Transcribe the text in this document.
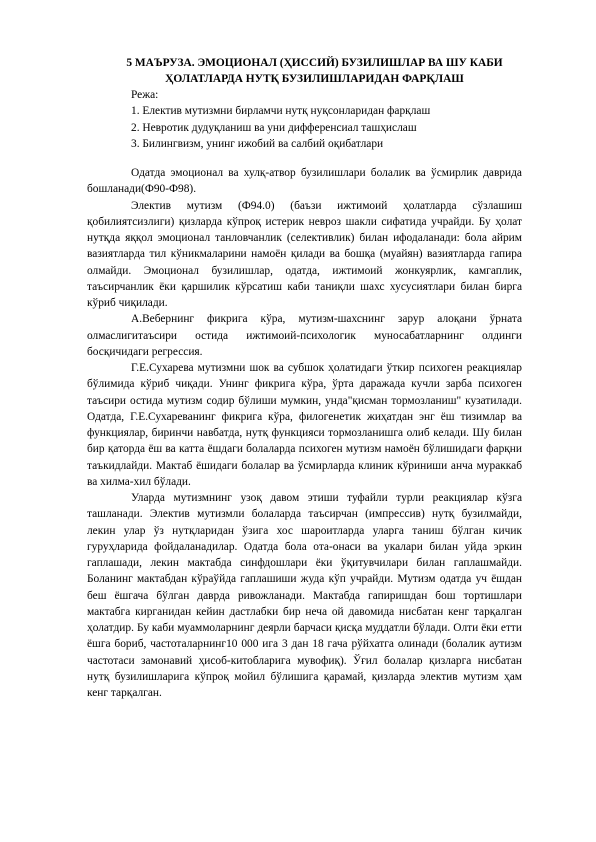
5 МАЪРУЗА. ЭМОЦИОНАЛ (ҲИССИЙ) БУЗИЛИШЛАР ВА ШУ КАБИ ҲОЛАТЛАРДА НУТҚ БУЗИЛИШЛАРИДАН ФАРҚЛАШ

Режа:
1. Електив мутизмни бирламчи нутқ нуқсонларидан фарқлаш
2. Невротик дудуқланиш ва уни дифференсиал ташҳислаш
3. Билингвизм, унинг ижобий ва салбий оқибатлари

Одатда эмоционал ва хулқ-атвор бузилишлари болалик ва ўсмирлик даврида бошланади(Ф90-Ф98).

Электив мутизм (Ф94.0) (баъзи ижтимоий ҳолатларда сўзлашиш қобилиятсизлиги) қизларда кўпроқ истерик невроз шакли сифатида учрайди. Бу ҳолат нутқда яққол эмоционал танловчанлик (селективлик) билан ифодаланади: бола айрим вазиятларда тил кўникмаларини намоён қилади ва бошқа (муайян) вазиятларда гапира олмайди. Эмоционал бузилишлар, одатда, ижтимоий жонкуярлик, камгаплик, таъсирчанлик ёки қаршилик кўрсатиш каби таниқли шахс хусусиятлари билан бирга кўриб чиқилади.

А.Вебернинг фикрига кўра, мутизм-шахснинг зарур алоқани ўрната олмаслигитаъсири остида ижтимоий-психологик муносабатларнинг олдинги босқичидаги регрессия.

Г.Е.Сухарева мутизмни шок ва субшок ҳолатидаги ўткир психоген реакциялар бўлимида кўриб чиқади. Унинг фикрига кўра, ўрта даражада кучли зарба психоген таъсири остида мутизм содир бўлиши мумкин, унда"қисман тормозланиш" кузатилади. Одатда, Г.Е.Сухареванинг фикрига кўра, филогенетик жиҳатдан энг ёш тизимлар ва функциялар, биринчи навбатда, нутқ функцияси тормозланишга олиб келади. Шу билан бир қаторда ёш ва катта ёшдаги болаларда психоген мутизм намоён бўлишидаги фарқни таъкидлайди. Мактаб ёшидаги болалар ва ўсмирларда клиник кўриниши анча мураккаб ва хилма-хил бўлади.

Уларда мутизмнинг узоқ давом этиши туфайли турли реакциялар кўзга ташланади. Электив мутизмли болаларда таъсирчан (импрессив) нутқ бузилмайди, лекин улар ўз нутқларидан ўзига хос шароитларда уларга таниш бўлган кичик гуруҳларида фойдаланадилар. Одатда бола ота-онаси ва укалари билан уйда эркин гаплашади, лекин мактабда синфдошлари ёки ўқитувчилари билан гаплашмайди. Боланинг мактабдан кўраўйда гаплашиши жуда кўп учрайди. Мутизм одатда уч ёшдан беш ёшгача бўлган даврда ривожланади. Мактабда гапиришдан бош тортишлари мактабга кирганидан кейин дастлабки бир неча ой давомида нисбатан кенг тарқалган ҳолатдир. Бу каби муаммоларнинг деярли барчаси қисқа муддатли бўлади. Олти ёки етти ёшга бориб, частоталарнинг10 000 ига 3 дан 18 гача рўйхатга олинади (болалик аутизм частотаси замонавий ҳисоб-китобларига мувофиқ). Ўғил болалар қизларга нисбатан нутқ бузилишларига кўпроқ мойил бўлишига қарамай, қизларда электив мутизм ҳам кенг тарқалган.
